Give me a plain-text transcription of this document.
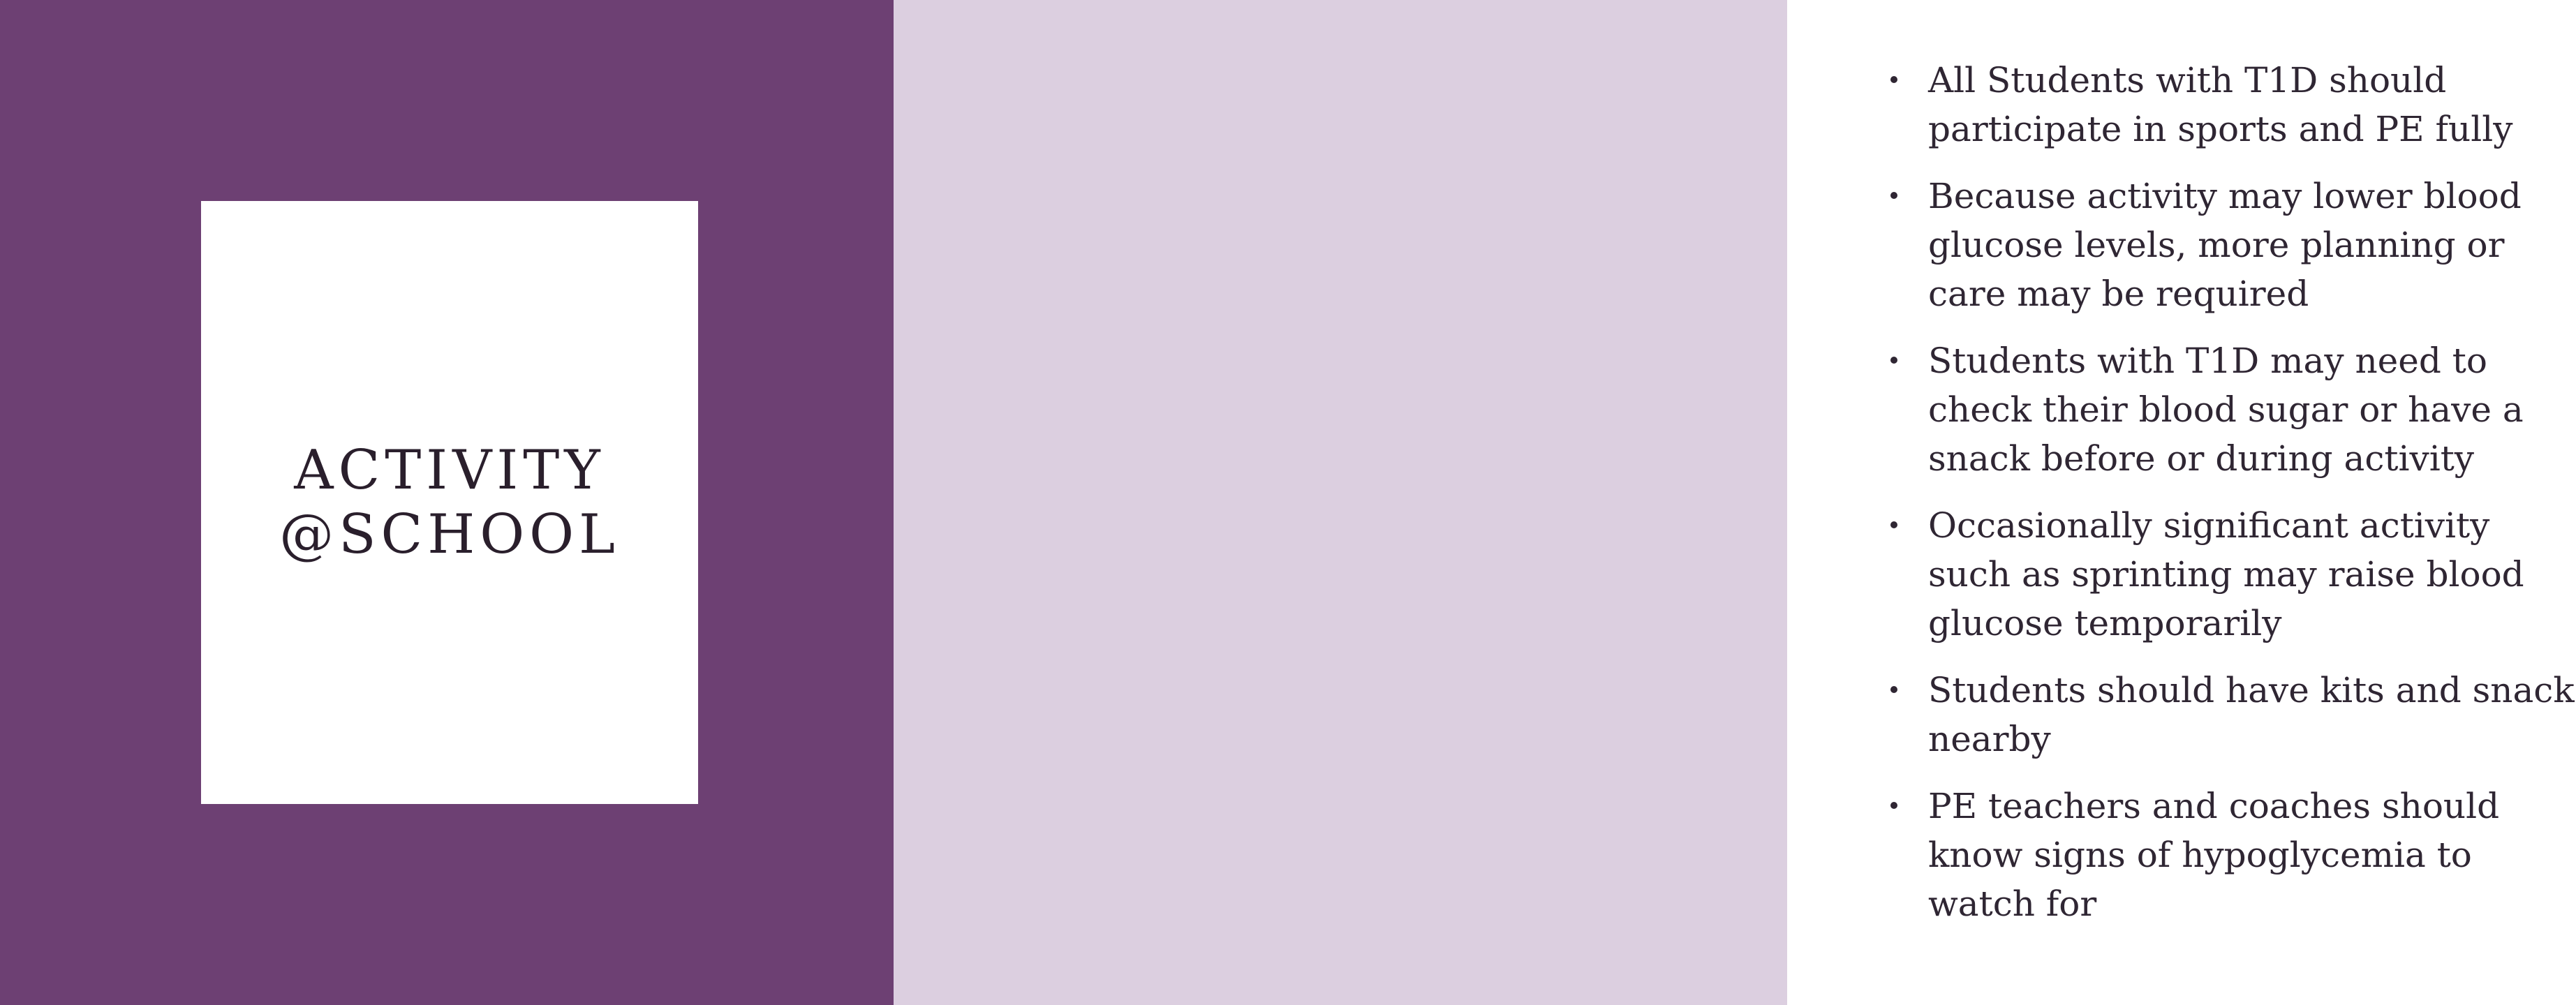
ACTIVITY
@SCHOOL
All Students with T1D should participate in sports and PE fully
Because activity may lower blood glucose levels, more planning or care may be required
Students with T1D may need to check their blood sugar or have a snack before or during activity
Occasionally significant activity such as sprinting may raise blood glucose temporarily
Students should have kits and snack nearby
PE teachers and coaches should know signs of hypoglycemia to watch for
